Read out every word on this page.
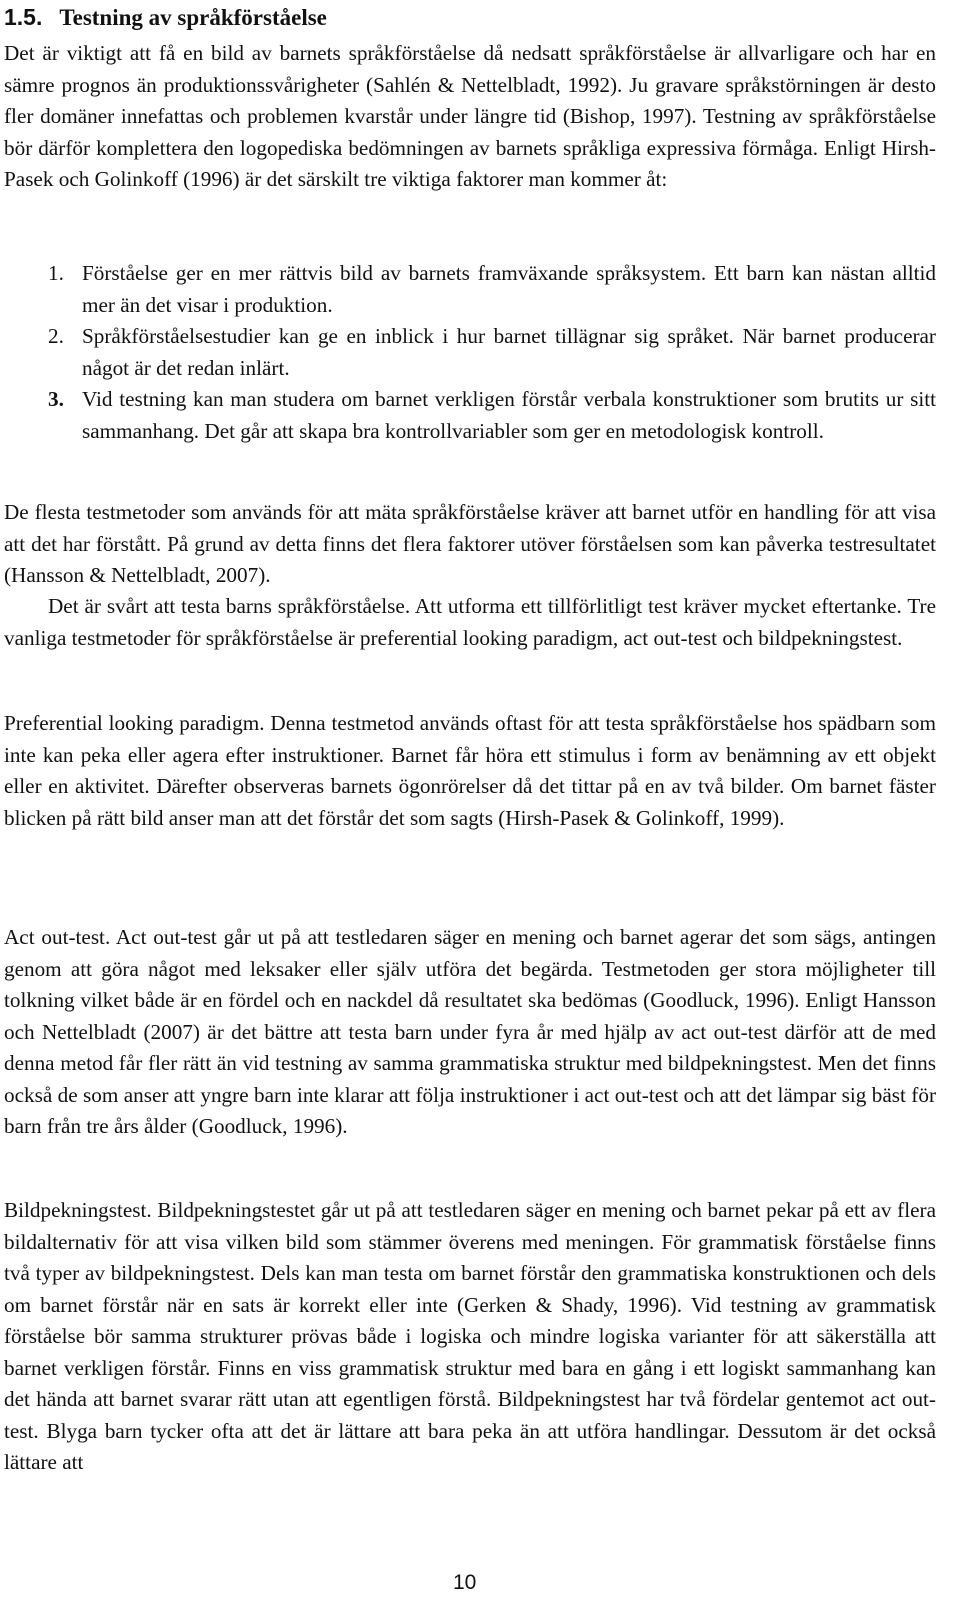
1.5. Testning av språkförståelse

Det är viktigt att få en bild av barnets språkförståelse då nedsatt språkförståelse är allvarligare och har en sämre prognos än produktionssvårigheter (Sahlén & Nettelbladt, 1992). Ju gravare språkstörningen är desto fler domäner innefattas och problemen kvarstår under längre tid (Bishop, 1997). Testning av språkförståelse bör därför komplettera den logopediska bedömningen av barnets språkliga expressiva förmåga. Enligt Hirsh-Pasek och Golinkoff (1996) är det särskilt tre viktiga faktorer man kommer åt:

1. Förståelse ger en mer rättvis bild av barnets framväxande språksystem. Ett barn kan nästan alltid mer än det visar i produktion.
2. Språkförståelsestudier kan ge en inblick i hur barnet tillägnar sig språket. När barnet producerar något är det redan inlärt.
3. Vid testning kan man studera om barnet verkligen förstår verbala konstruktioner som brutits ur sitt sammanhang. Det går att skapa bra kontrollvariabler som ger en metodologisk kontroll.

De flesta testmetoder som används för att mäta språkförståelse kräver att barnet utför en handling för att visa att det har förstått. På grund av detta finns det flera faktorer utöver förståelsen som kan påverka testresultatet (Hansson & Nettelbladt, 2007).

Det är svårt att testa barns språkförståelse. Att utforma ett tillförlitligt test kräver mycket eftertanke. Tre vanliga testmetoder för språkförståelse är preferential looking paradigm, act out-test och bildpekningstest.

Preferential looking paradigm. Denna testmetod används oftast för att testa språkförståelse hos spädbarn som inte kan peka eller agera efter instruktioner. Barnet får höra ett stimulus i form av benämning av ett objekt eller en aktivitet. Därefter observeras barnets ögonrörelser då det tittar på en av två bilder. Om barnet fäster blicken på rätt bild anser man att det förstår det som sagts (Hirsh-Pasek & Golinkoff, 1999).

Act out-test. Act out-test går ut på att testledaren säger en mening och barnet agerar det som sägs, antingen genom att göra något med leksaker eller själv utföra det begärda. Testmetoden ger stora möjligheter till tolkning vilket både är en fördel och en nackdel då resultatet ska bedömas (Goodluck, 1996). Enligt Hansson och Nettelbladt (2007) är det bättre att testa barn under fyra år med hjälp av act out-test därför att de med denna metod får fler rätt än vid testning av samma grammatiska struktur med bildpekningstest. Men det finns också de som anser att yngre barn inte klarar att följa instruktioner i act out-test och att det lämpar sig bäst för barn från tre års ålder (Goodluck, 1996).

Bildpekningstest. Bildpekningstestet går ut på att testledaren säger en mening och barnet pekar på ett av flera bildalternativ för att visa vilken bild som stämmer överens med meningen. För grammatisk förståelse finns två typer av bildpekningstest. Dels kan man testa om barnet förstår den grammatiska konstruktionen och dels om barnet förstår när en sats är korrekt eller inte (Gerken & Shady, 1996). Vid testning av grammatisk förståelse bör samma strukturer prövas både i logiska och mindre logiska varianter för att säkerställa att barnet verkligen förstår. Finns en viss grammatisk struktur med bara en gång i ett logiskt sammanhang kan det hända att barnet svarar rätt utan att egentligen förstå. Bildpekningstest har två fördelar gentemot act out-test. Blyga barn tycker ofta att det är lättare att bara peka än att utföra handlingar. Dessutom är det också lättare att

10
